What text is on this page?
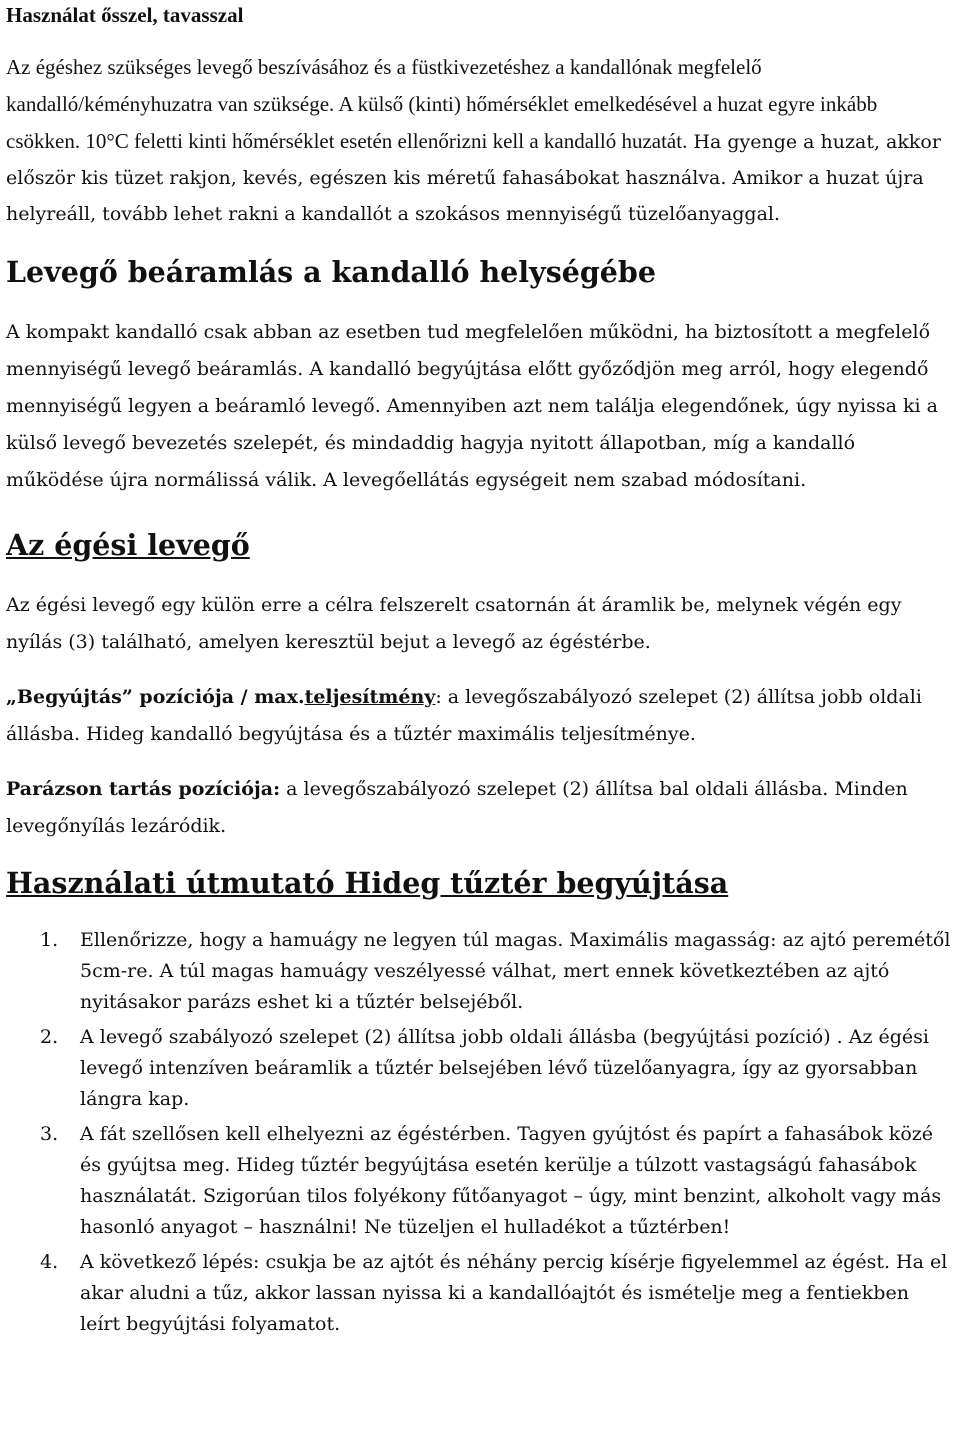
Használat ősszel, tavasszal

Az égéshez szükséges levegő beszívásához és a füstkivezetéshez a kandallónak megfelelő kandalló/kéményhuzatra van szüksége. A külső (kinti) hőmérséklet emelkedésével a huzat egyre inkább csökken. 10°C feletti kinti hőmérséklet esetén ellenőrizni kell a kandalló huzatát. Ha gyenge a huzat, akkor először kis tüzet rakjon, kevés, egészen kis méretű fahasábokat használva. Amikor a huzat újra helyreáll, tovább lehet rakni a kandallót a szokásos mennyiségű tüzelőanyaggal.

Levegő beáramlás a kandalló helységébe

A kompakt kandalló csak abban az esetben tud megfelelően működni, ha biztosított a megfelelő mennyiségű levegő beáramlás. A kandalló begyújtása előtt győződjön meg arról, hogy elegendő mennyiségű legyen a beáramló levegő. Amennyiben azt nem találja elegendőnek, úgy nyissa ki a külső levegő bevezetés szelepét, és mindaddig hagyja nyitott állapotban, míg a kandalló működése újra normálissá válik. A levegőellátás egységeit nem szabad módosítani.

Az égési levegő

Az égési levegő egy külön erre a célra felszerelt csatornán át áramlik be, melynek végén egy nyílás (3) található, amelyen keresztül bejut a levegő az égéstérbe.

„Begyújtás” pozíciója / max.teljesítmény: a levegőszabályozó szelepet (2) állítsa jobb oldali állásba. Hideg kandalló begyújtása és a tűztér maximális teljesítménye.

Parázson tartás pozíciója: a levegőszabályozó szelepet (2) állítsa bal oldali állásba. Minden levegőnyílás lezáródik.

Használati útmutató Hideg tűztér begyújtása
1. Ellenőrizze, hogy a hamuágy ne legyen túl magas. Maximális magasság: az ajtó peremétől 5cm-re. A túl magas hamuágy veszélyessé válhat, mert ennek következtében az ajtó nyitásakor parázs eshet ki a tűztér belsejéből.
2. A levegő szabályozó szelepet (2) állítsa jobb oldali állásba (begyújtási pozíció) . Az égési levegő intenzíven beáramlik a tűztér belsejében lévő tüzelőanyagra, így az gyorsabban lángra kap.
3. A fát szellősen kell elhelyezni az égéstérben. Tagyen gyújtóst és papírt a fahasábok közé és gyújtsa meg. Hideg tűztér begyújtása esetén kerülje a túlzott vastagságú fahasábok használatát. Szigorúan tilos folyékony fűtőanyagot – úgy, mint benzint, alkoholt vagy más hasonló anyagot – használni! Ne tüzeljen el hulladékot a tűztérben!
4. A következő lépés: csukja be az ajtót és néhány percig kísérje figyelemmel az égést. Ha el akar aludni a tűz, akkor lassan nyissa ki a kandallóajtót és ismételje meg a fentiekben leírt begyújtási folyamatot.
